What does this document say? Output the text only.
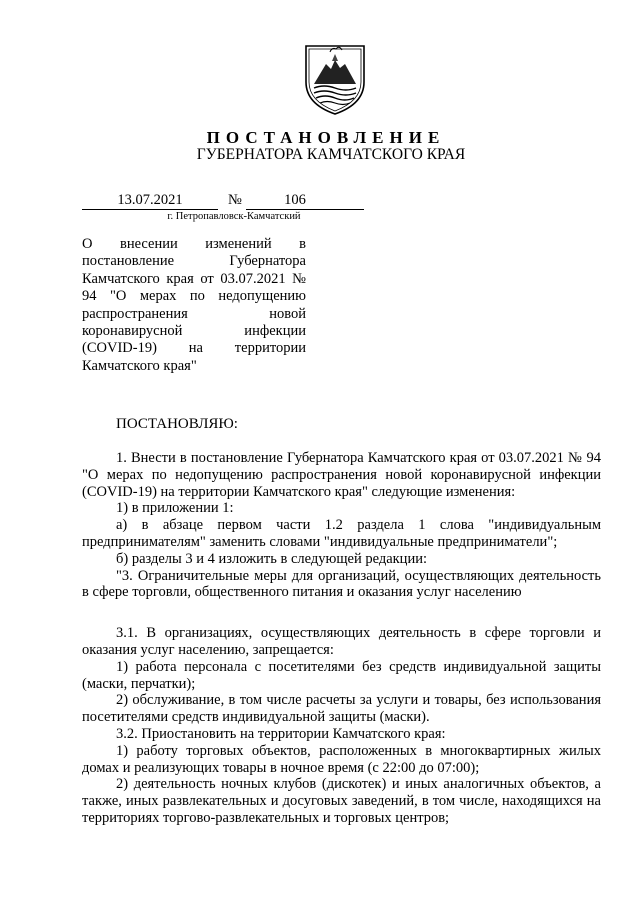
ПОСТАНОВЛЕНИЕ
ГУБЕРНАТОРА КАМЧАТСКОГО КРАЯ
13.07.2021	№	106
г. Петропавловск-Камчатский
О внесении изменений в постановление Губернатора Камчатского края от 03.07.2021 № 94 "О мерах по недопущению распространения новой коронавирусной инфекции (COVID-19) на территории Камчатского края"
ПОСТАНОВЛЯЮ:

1. Внести в постановление Губернатора Камчатского края от 03.07.2021 № 94 "О мерах по недопущению распространения новой коронавирусной инфекции (COVID-19) на территории Камчатского края" следующие изменения:

1) в приложении 1:

а) в абзаце первом части 1.2 раздела 1 слова "индивидуальным предпринимателям" заменить словами "индивидуальные предприниматели";

б) разделы 3 и 4 изложить в следующей редакции:

"3. Ограничительные меры для организаций, осуществляющих деятельность в сфере торговли, общественного питания и оказания услуг населению

3.1. В организациях, осуществляющих деятельность в сфере торговли и оказания услуг населению, запрещается:

1) работа персонала с посетителями без средств индивидуальной защиты (маски, перчатки);

2) обслуживание, в том числе расчеты за услуги и товары, без использования посетителями средств индивидуальной защиты (маски).

3.2. Приостановить на территории Камчатского края:

1) работу торговых объектов, расположенных в многоквартирных жилых домах и реализующих товары в ночное время (с 22:00 до 07:00);

2) деятельность ночных клубов (дискотек) и иных аналогичных объектов, а также, иных развлекательных и досуговых заведений, в том числе, находящихся на территориях торгово-развлекательных и торговых центров;
